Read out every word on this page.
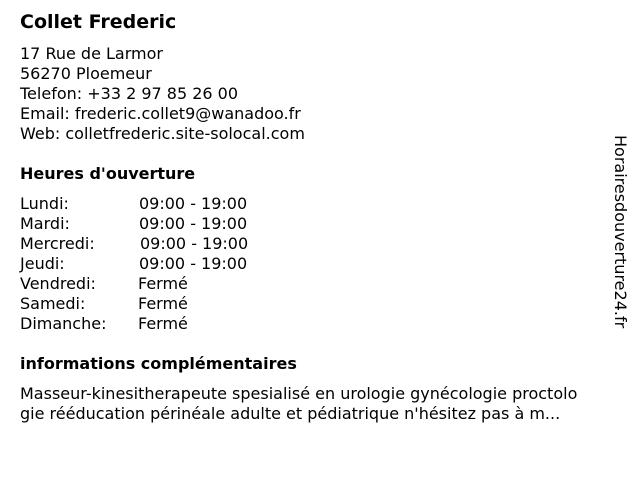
Collet Frederic
17 Rue de Larmor
56270 Ploemeur
Telefon: +33 2 97 85 26 00
Email: frederic.collet9@wanadoo.fr
Web: colletfrederic.site-solocal.com
Heures d'ouverture
Lundi:	09:00 - 19:00
Mardi:	09:00 - 19:00
Mercredi:	09:00 - 19:00
Jeudi:	09:00 - 19:00
Vendredi:	Fermé
Samedi:	Fermé
Dimanche: Fermé
informations complémentaires
Masseur-kinesitherapeute spesialisé en urologie gynécologie proctolo
gie rééducation périnéale adulte et pédiatrique n'hésitez pas à m...
Horairesdouverture24.fr
